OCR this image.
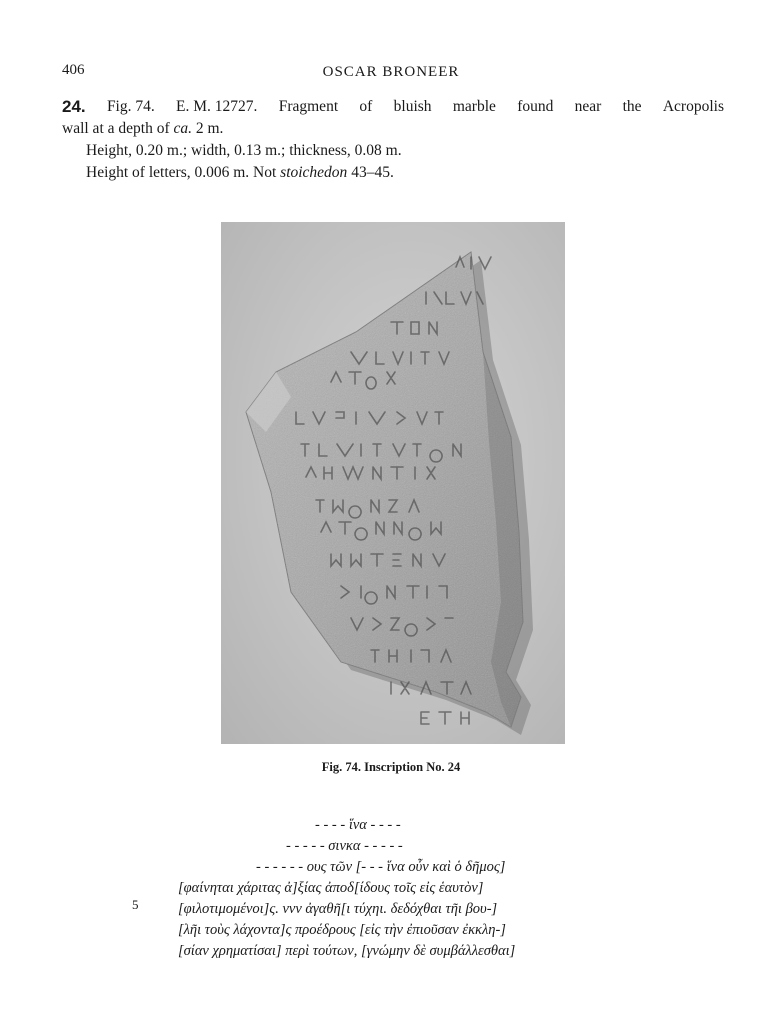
406	OSCAR BRONEER
24. Fig. 74. E. M. 12727. Fragment of bluish marble found near the Acropolis
wall at a depth of ca. 2 m.
Height, 0.20 m.; width, 0.13 m.; thickness, 0.08 m.
Height of letters, 0.006 m. Not stoichedon 43–45.
Fig. 74. Inscription No. 24
- - - - ἵνα - - - -
- - - - - σινκα - - - - -
- - - - - - ους τῶν [- - - ἵνα οὖν καὶ ὁ δῆμος]
[φαίνηται χάριτας ἀ]ξίας ἀποδ[ίδους τοῖς εἰς ἑαυτὸν]
[φιλοτιμομένοι]ς. vvv ἀγαθῆ[ι τύχηι. δεδόχθαι τῆι βου-]
[λῆι τοὺς λάχοντα]ς προέδρους [εἰς τὴν ἐπιοῦσαν ἐκκλη-]
[σίαν χρηματίσαι] περὶ τούτων, [γνώμην δὲ συμβάλλεσθαι]
5
